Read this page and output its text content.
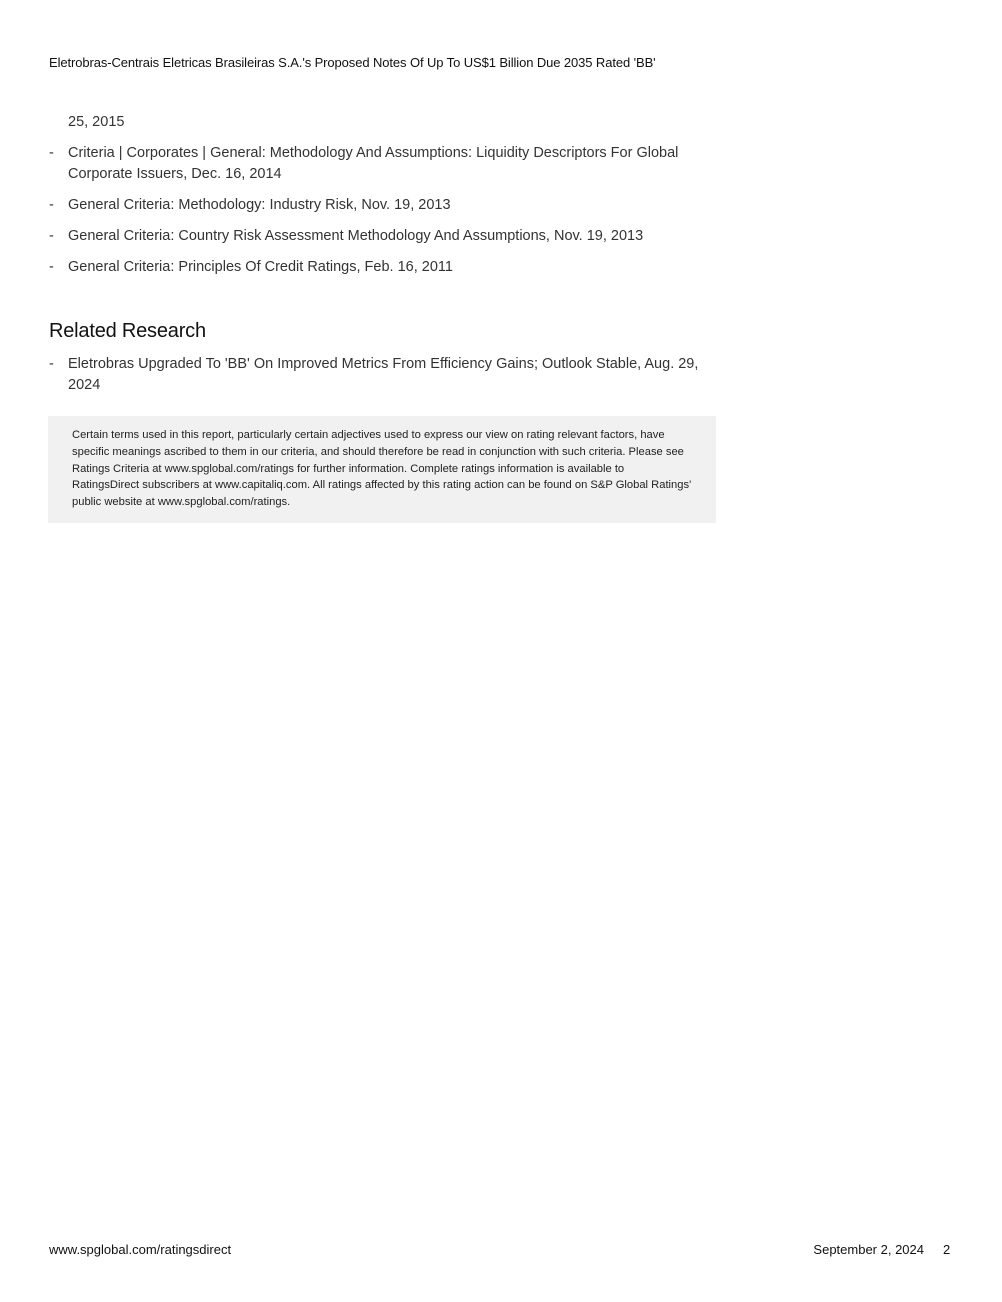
Eletrobras-Centrais Eletricas Brasileiras S.A.'s Proposed Notes Of Up To US$1 Billion Due 2035 Rated 'BB'
25, 2015
- Criteria | Corporates | General: Methodology And Assumptions: Liquidity Descriptors For Global Corporate Issuers, Dec. 16, 2014
- General Criteria: Methodology: Industry Risk, Nov. 19, 2013
- General Criteria: Country Risk Assessment Methodology And Assumptions, Nov. 19, 2013
- General Criteria: Principles Of Credit Ratings, Feb. 16, 2011
Related Research
- Eletrobras Upgraded To 'BB' On Improved Metrics From Efficiency Gains; Outlook Stable, Aug. 29, 2024
Certain terms used in this report, particularly certain adjectives used to express our view on rating relevant factors, have specific meanings ascribed to them in our criteria, and should therefore be read in conjunction with such criteria. Please see Ratings Criteria at www.spglobal.com/ratings for further information. Complete ratings information is available to RatingsDirect subscribers at www.capitaliq.com. All ratings affected by this rating action can be found on S&P Global Ratings' public website at www.spglobal.com/ratings.
www.spglobal.com/ratingsdirect	September 2, 2024 2
